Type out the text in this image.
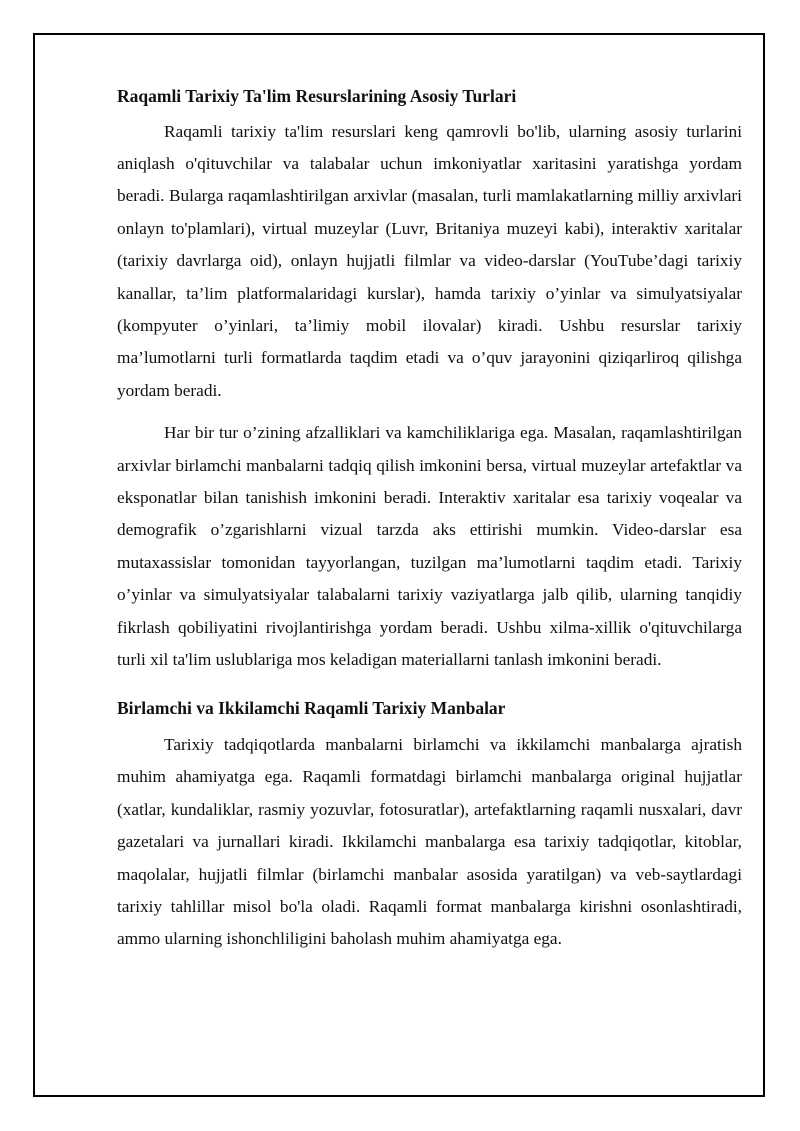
Raqamli Tarixiy Ta'lim Resurslarining Asosiy Turlari

Raqamli tarixiy ta'lim resurslari keng qamrovli bo'lib, ularning asosiy turlarini aniqlash o'qituvchilar va talabalar uchun imkoniyatlar xaritasini yaratishga yordam beradi. Bularga raqamlashtirilgan arxivlar (masalan, turli mamlakatlarning milliy arxivlari onlayn to'plamlari), virtual muzeylar (Luvr, Britaniya muzeyi kabi), interaktiv xaritalar (tarixiy davrlarga oid), onlayn hujjatli filmlar va video-darslar (YouTube’dagi tarixiy kanallar, ta’lim platformalaridagi kurslar), hamda tarixiy o’yinlar va simulyatsiyalar (kompyuter o’yinlari, ta’limiy mobil ilovalar) kiradi. Ushbu resurslar tarixiy ma’lumotlarni turli formatlarda taqdim etadi va o’quv jarayonini qiziqarliroq qilishga yordam beradi.

Har bir tur o’zining afzalliklari va kamchiliklariga ega. Masalan, raqamlashtirilgan arxivlar birlamchi manbalarni tadqiq qilish imkonini bersa, virtual muzeylar artefaktlar va eksponatlar bilan tanishish imkonini beradi. Interaktiv xaritalar esa tarixiy voqealar va demografik o’zgarishlarni vizual tarzda aks ettirishi mumkin. Video-darslar esa mutaxassislar tomonidan tayyorlangan, tuzilgan ma’lumotlarni taqdim etadi. Tarixiy o’yinlar va simulyatsiyalar talabalarni tarixiy vaziyatlarga jalb qilib, ularning tanqidiy fikrlash qobiliyatini rivojlantirishga yordam beradi. Ushbu xilma-xillik o'qituvchilarga turli xil ta'lim uslublariga mos keladigan materiallarni tanlash imkonini beradi.

Birlamchi va Ikkilamchi Raqamli Tarixiy Manbalar

Tarixiy tadqiqotlarda manbalarni birlamchi va ikkilamchi manbalarga ajratish muhim ahamiyatga ega. Raqamli formatdagi birlamchi manbalarga original hujjatlar (xatlar, kundaliklar, rasmiy yozuvlar, fotosuratlar), artefaktlarning raqamli nusxalari, davr gazetalari va jurnallari kiradi. Ikkilamchi manbalarga esa tarixiy tadqiqotlar, kitoblar, maqolalar, hujjatli filmlar (birlamchi manbalar asosida yaratilgan) va veb-saytlardagi tarixiy tahlillar misol bo'la oladi. Raqamli format manbalarga kirishni osonlashtiradi, ammo ularning ishonchliligini baholash muhim ahamiyatga ega.
